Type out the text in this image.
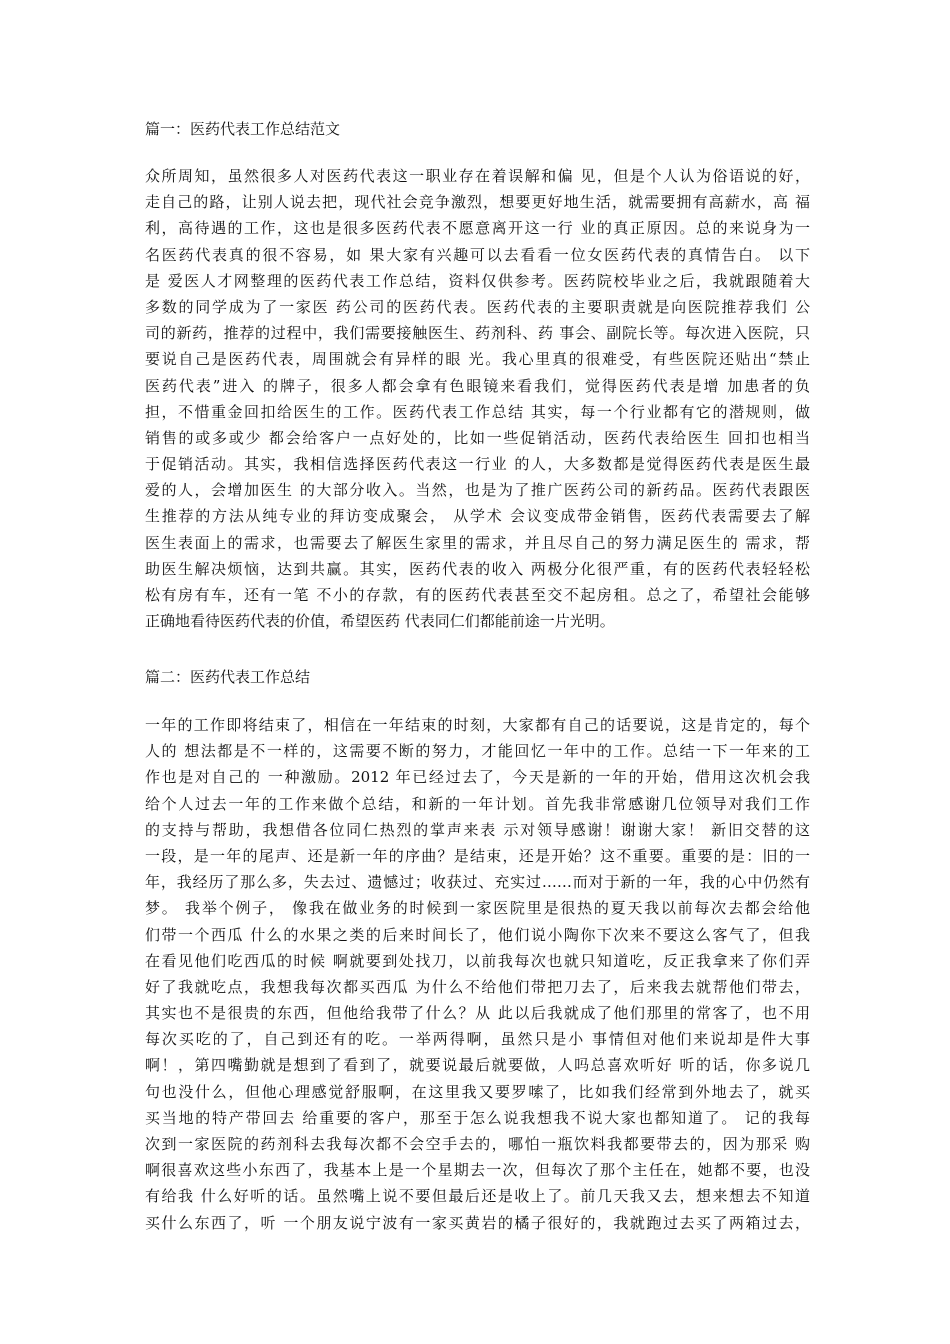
篇一：医药代表工作总结范文
众所周知，虽然很多人对医药代表这一职业存在着误解和偏 见，但是个人认为俗语说的好，
走自己的路，让别人说去把，现代社会竞争激烈，想要更好地生活，就需要拥有高薪水，高 福
利，高待遇的工作，这也是很多医药代表不愿意离开这一行 业的真正原因。总的来说身为一
名医药代表真的很不容易，如 果大家有兴趣可以去看看一位女医药代表的真情告白。 以下
是 爱医人才网整理的医药代表工作总结，资料仅供参考。医药院校毕业之后，我就跟随着大
多数的同学成为了一家医 药公司的医药代表。医药代表的主要职责就是向医院推荐我们 公
司的新药，推荐的过程中，我们需要接触医生、药剂科、药 事会、副院长等。每次进入医院，只
要说自己是医药代表，周围就会有异样的眼 光。我心里真的很难受，有些医院还贴出“禁止
医药代表”进入 的牌子，很多人都会拿有色眼镜来看我们，觉得医药代表是增 加患者的负
担，不惜重金回扣给医生的工作。医药代表工作总结 其实，每一个行业都有它的潜规则，做
销售的或多或少 都会给客户一点好处的，比如一些促销活动，医药代表给医生 回扣也相当
于促销活动。其实，我相信选择医药代表这一行业 的人，大多数都是觉得医药代表是医生最
爱的人，会增加医生 的大部分收入。当然，也是为了推广医药公司的新药品。医药代表跟医
生推荐的方法从纯专业的拜访变成聚会， 从学术 会议变成带金销售，医药代表需要去了解
医生表面上的需求，也需要去了解医生家里的需求，并且尽自己的努力满足医生的 需求，帮
助医生解决烦恼，达到共赢。其实，医药代表的收入 两极分化很严重，有的医药代表轻轻松
松有房有车，还有一笔 不小的存款，有的医药代表甚至交不起房租。总之了，希望社会能够
正确地看待医药代表的价值，希望医药 代表同仁们都能前途一片光明。
篇二：医药代表工作总结
一年的工作即将结束了，相信在一年结束的时刻，大家都有自己的话要说，这是肯定的，每个
人的 想法都是不一样的，这需要不断的努力，才能回忆一年中的工作。总结一下一年来的工
作也是对自己的 一种激励。2012 年已经过去了，今天是新的一年的开始，借用这次机会我
给个人过去一年的工作来做个总结，和新的一年计划。首先我非常感谢几位领导对我们工作
的支持与帮助，我想借各位同仁热烈的掌声来表 示对领导感谢！谢谢大家！ 新旧交替的这
一段，是一年的尾声、还是新一年的序曲？是结束，还是开始？这不重要。重要的是：旧的一
年，我经历了那么多，失去过、遗憾过；收获过、充实过……而对于新的一年，我的心中仍然有
梦。 我举个例子， 像我在做业务的时候到一家医院里是很热的夏天我以前每次去都会给他
们带一个西瓜 什么的水果之类的后来时间长了，他们说小陶你下次来不要这么客气了，但我
在看见他们吃西瓜的时候 啊就要到处找刀，以前我每次也就只知道吃，反正我拿来了你们弄
好了我就吃点，我想我每次都买西瓜 为什么不给他们带把刀去了，后来我去就帮他们带去，
其实也不是很贵的东西，但他给我带了什么？从 此以后我就成了他们那里的常客了，也不用
每次买吃的了，自己到还有的吃。一举两得啊，虽然只是小 事情但对他们来说却是件大事
啊！，第四嘴勤就是想到了看到了，就要说最后就要做，人吗总喜欢听好 听的话，你多说几
句也没什么，但他心理感觉舒服啊，在这里我又要罗嗦了，比如我们经常到外地去了，就买
买当地的特产带回去 给重要的客户，那至于怎么说我想我不说大家也都知道了。 记的我每
次到一家医院的药剂科去我每次都不会空手去的，哪怕一瓶饮料我都要带去的，因为那采 购
啊很喜欢这些小东西了，我基本上是一个星期去一次，但每次了那个主任在，她都不要，也没
有给我 什么好听的话。虽然嘴上说不要但最后还是收上了。前几天我又去，想来想去不知道
买什么东西了，听 一个朋友说宁波有一家买黄岩的橘子很好的，我就跑过去买了两箱过去，
